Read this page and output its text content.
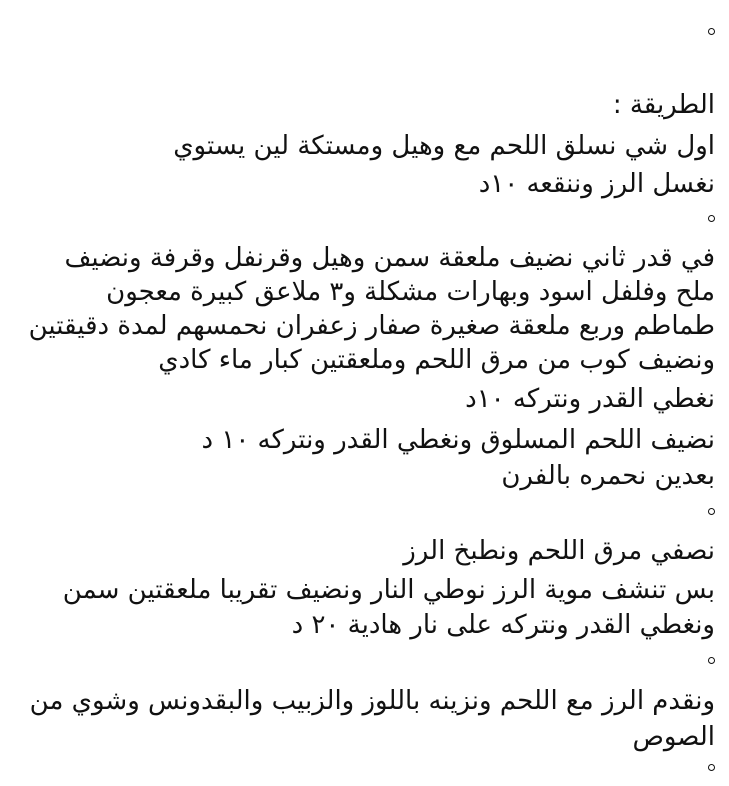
الطريقة :
اول شي نسلق اللحم مع وهيل ومستكة لين يستوي
نغسل الرز وننقعه ١٠د
في قدر ثاني نضيف ملعقة سمن وهيل وقرنفل وقرفة ونضيف
ملح وفلفل اسود وبهارات مشكلة و٣ ملاعق كبيرة معجون
طماطم وربع ملعقة صغيرة صفار زعفران نحمسهم لمدة دقيقتين
ونضيف كوب من مرق اللحم وملعقتين كبار ماء كادي
نغطي القدر ونتركه ١٠د
نضيف اللحم المسلوق ونغطي القدر ونتركه ١٠ د
بعدين نحمره بالفرن
نصفي مرق اللحم ونطبخ الرز
بس تنشف موية الرز نوطي النار ونضيف تقريبا ملعقتين سمن
ونغطي القدر ونتركه على نار هادية ٢٠ د
ونقدم الرز مع اللحم ونزينه باللوز والزبيب والبقدونس وشوي من
الصوص
